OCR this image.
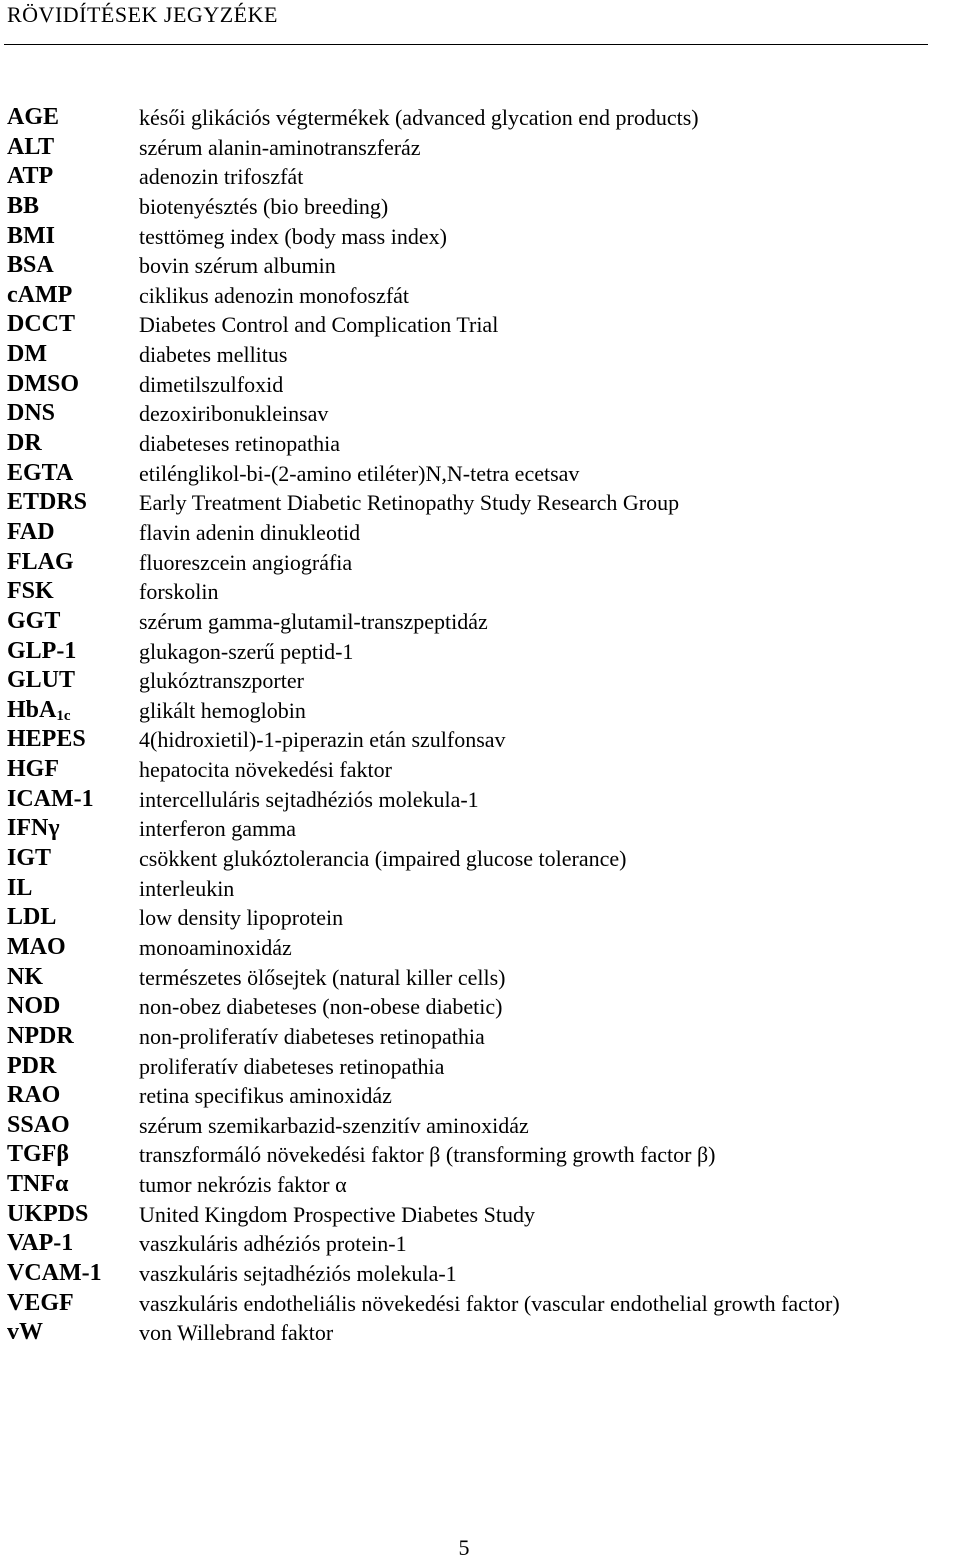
RÖVIDÍTÉSEK JEGYZÉKE
AGE	késői glikációs végtermékek (advanced glycation end products)
ALT	szérum alanin-aminotranszferáz
ATP	adenozin trifoszfát
BB	biotenyésztés (bio breeding)
BMI	testtömeg index (body mass index)
BSA	bovin szérum albumin
cAMP	ciklikus adenozin monofoszfát
DCCT	Diabetes Control and Complication Trial
DM	diabetes mellitus
DMSO	dimetilszulfoxid
DNS	dezoxiribonukleinsav
DR	diabeteses retinopathia
EGTA	etilénglikol-bi-(2-amino etiléter)N,N-tetra ecetsav
ETDRS Early Treatment Diabetic Retinopathy Study Research Group
FAD	flavin adenin dinukleotid
FLAG	fluoreszcein angiográfia
FSK	forskolin
GGT	szérum gamma-glutamil-transzpeptidáz
GLP-1	glukagon-szerű peptid-1
GLUT	glukóztranszporter
HbA$_{1c}$	glikált hemoglobin
HEPES 4(hidroxietil)-1-piperazin etán szulfonsav
HGF	hepatocita növekedési faktor
ICAM-1 intercelluláris sejtadhéziós molekula-1
IFNγ	interferon gamma
IGT	csökkent glukóztolerancia (impaired glucose tolerance)
IL	interleukin
LDL	low density lipoprotein
MAO	monoaminoxidáz
NK	természetes ölősejtek (natural killer cells)
NOD	non-obez diabeteses (non-obese diabetic)
NPDR	non-proliferatív diabeteses retinopathia
PDR	proliferatív diabeteses retinopathia
RAO	retina specifikus aminoxidáz
SSAO	szérum szemikarbazid-szenzitív aminoxidáz
TGFβ	transzformáló növekedési faktor β (transforming growth factor β)
TNFα	tumor nekrózis faktor α
UKPDS United Kingdom Prospective Diabetes Study
VAP-1	vaszkuláris adhéziós protein-1
VCAM-1 vaszkuláris sejtadhéziós molekula-1
VEGF	vaszkuláris endotheliális növekedési faktor (vascular endothelial growth factor)
vW	von Willebrand faktor
5
